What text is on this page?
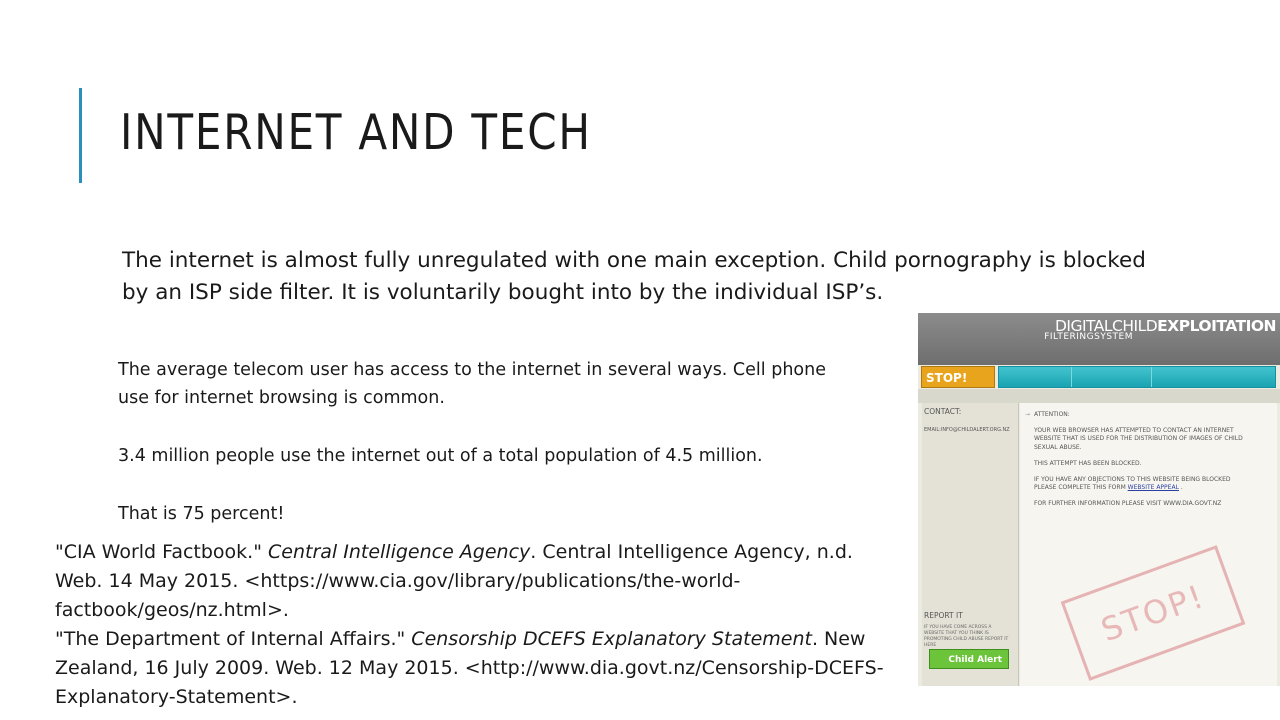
INTERNET AND TECH

The internet is almost fully unregulated with one main exception. Child pornography is blocked by an ISP side filter. It is voluntarily bought into by the individual ISP’s.

The average telecom user has access to the internet in several ways. Cell phone use for internet browsing is common.

3.4 million people use the internet out of a total population of 4.5 million.

That is 75 percent!

"CIA World Factbook." Central Intelligence Agency. Central Intelligence Agency, n.d. Web. 14 May 2015. <https://www.cia.gov/library/publications/the-world-factbook/geos/nz.html>.

"The Department of Internal Affairs." Censorship DCEFS Explanatory Statement. New Zealand, 16 July 2009. Web. 12 May 2015. <http://www.dia.govt.nz/Censorship-DCEFS-Explanatory-Statement>.

DIGITALCHILDEXPLOITATION
FILTERINGSYSTEM
STOP!
CONTACT:
EMAIL:INFO@CHILDALERT.ORG.NZ
REPORT IT
IF YOU HAVE COME ACROSS A WEBSITE THAT YOU THINK IS PROMOTING CHILD ABUSE REPORT IT HERE
Child Alert
→ ATTENTION:

YOUR WEB BROWSER HAS ATTEMPTED TO CONTACT AN INTERNET WEBSITE THAT IS USED FOR THE DISTRIBUTION OF IMAGES OF CHILD SEXUAL ABUSE.

THIS ATTEMPT HAS BEEN BLOCKED.

IF YOU HAVE ANY OBJECTIONS TO THIS WEBSITE BEING BLOCKED PLEASE COMPLETE THIS FORM WEBSITE APPEAL .

FOR FURTHER INFORMATION PLEASE VISIT WWW.DIA.GOVT.NZ

STOP!
